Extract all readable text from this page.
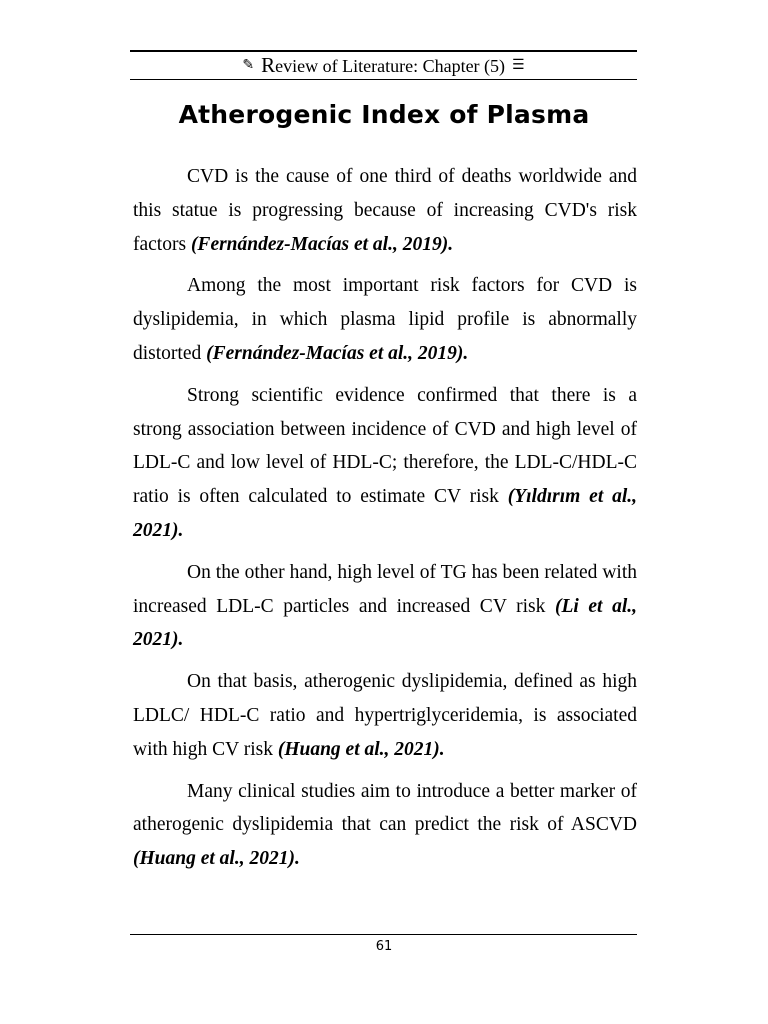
✎ Review of Literature: Chapter (5) ☰
Atherogenic Index of Plasma

CVD is the cause of one third of deaths worldwide and this statue is progressing because of increasing CVD's risk factors (Fernández-Macías et al., 2019).

Among the most important risk factors for CVD is dyslipidemia, in which plasma lipid profile is abnormally distorted (Fernández-Macías et al., 2019).

Strong scientific evidence confirmed that there is a strong association between incidence of CVD and high level of LDL-C and low level of HDL-C; therefore, the LDL-C/HDL-C ratio is often calculated to estimate CV risk (Yıldırım et al., 2021).

On the other hand, high level of TG has been related with increased LDL-C particles and increased CV risk (Li et al., 2021).

On that basis, atherogenic dyslipidemia, defined as high LDLC/ HDL-C ratio and hypertriglyceridemia, is associated with high CV risk (Huang et al., 2021).

Many clinical studies aim to introduce a better marker of atherogenic dyslipidemia that can predict the risk of ASCVD (Huang et al., 2021).

61
